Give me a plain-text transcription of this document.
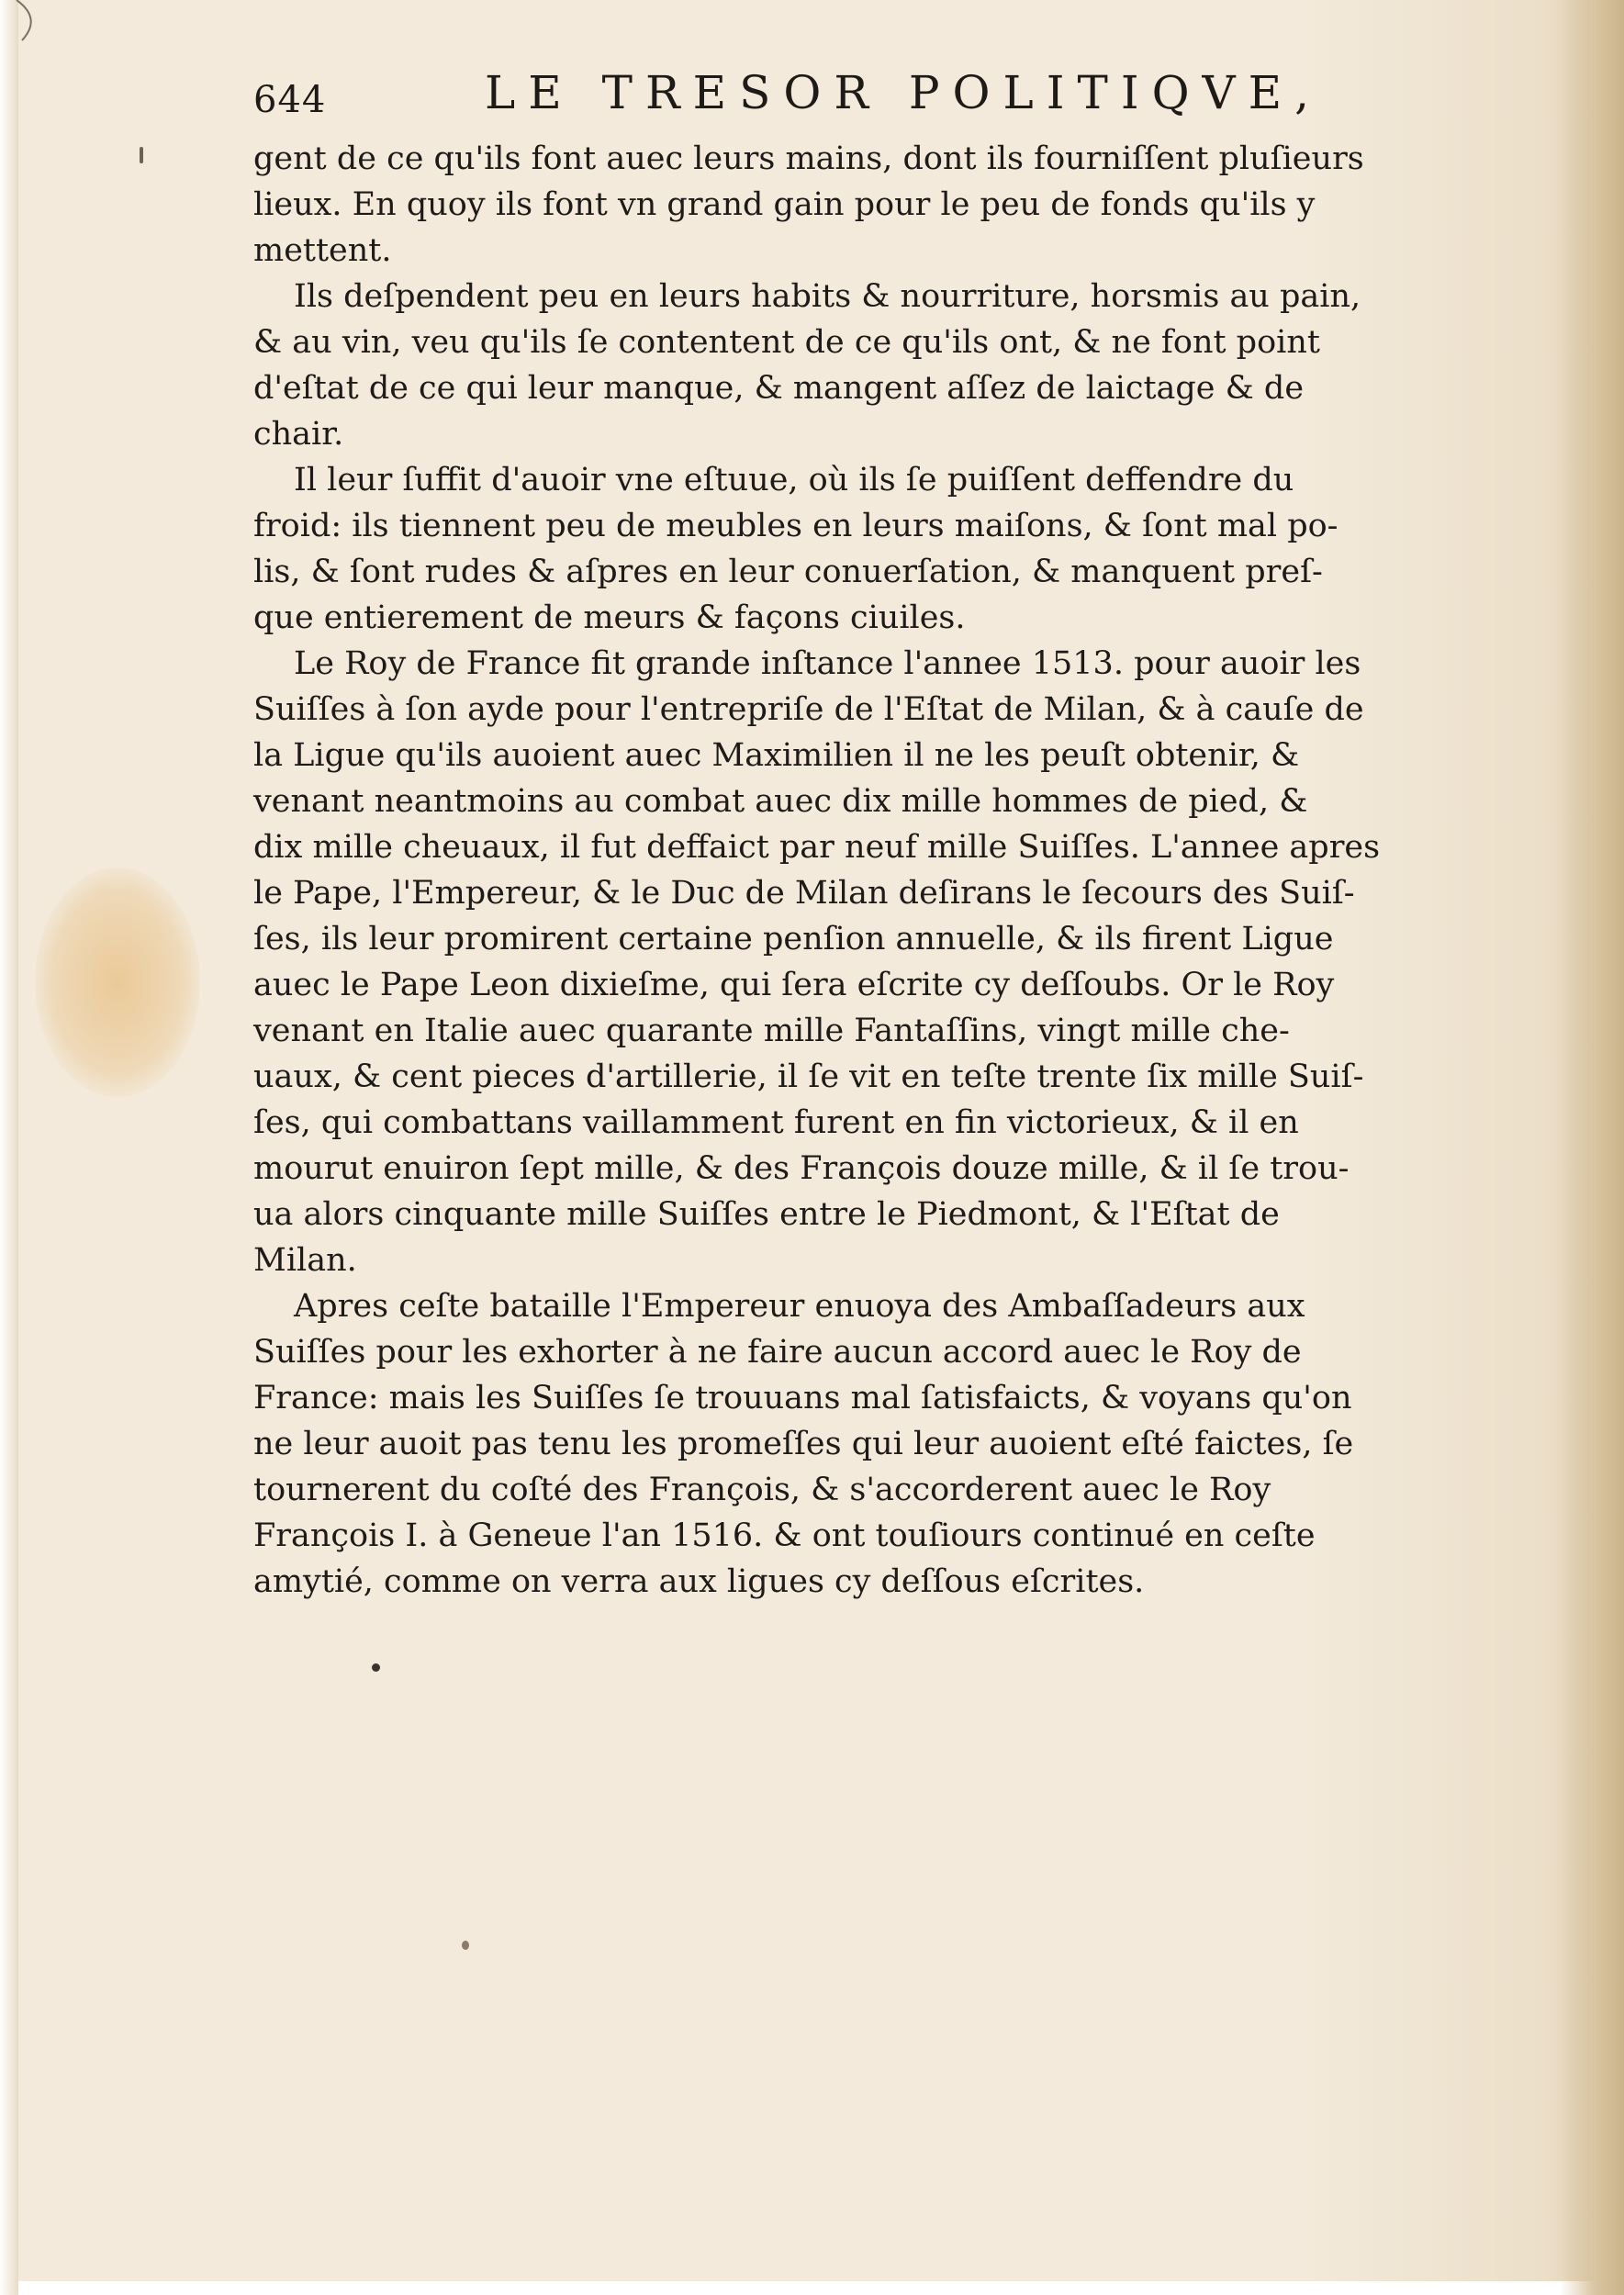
644	LE TRESOR POLITIQVE,
gent de ce qu'ils font auec leurs mains, dont ils fourniſſent pluſieurs
lieux. En quoy ils font vn grand gain pour le peu de fonds qu'ils y
mettent.
Ils deſpendent peu en leurs habits & nourriture, horsmis au pain,
& au vin, veu qu'ils ſe contentent de ce qu'ils ont, & ne font point
d'eſtat de ce qui leur manque, & mangent aſſez de laictage & de
chair.
Il leur ſuffit d'auoir vne eſtuue, où ils ſe puiſſent deffendre du
froid: ils tiennent peu de meubles en leurs maiſons, & ſont mal po-
lis, & ſont rudes & aſpres en leur conuerſation, & manquent preſ-
que entierement de meurs & façons ciuiles.
Le Roy de France fit grande inſtance l'annee 1513. pour auoir les
Suiſſes à ſon ayde pour l'entrepriſe de l'Eſtat de Milan, & à cauſe de
la Ligue qu'ils auoient auec Maximilien il ne les peuſt obtenir, &
venant neantmoins au combat auec dix mille hommes de pied, &
dix mille cheuaux, il fut deffaict par neuf mille Suiſſes. L'annee apres
le Pape, l'Empereur, & le Duc de Milan deſirans le ſecours des Suiſ-
ſes, ils leur promirent certaine penſion annuelle, & ils firent Ligue
auec le Pape Leon dixieſme, qui ſera eſcrite cy deſſoubs. Or le Roy
venant en Italie auec quarante mille Fantaſſins, vingt mille che-
uaux, & cent pieces d'artillerie, il ſe vit en teſte trente ſix mille Suiſ-
ſes, qui combattans vaillamment furent en fin victorieux, & il en
mourut enuiron ſept mille, & des François douze mille, & il ſe trou-
ua alors cinquante mille Suiſſes entre le Piedmont, & l'Eſtat de
Milan.
Apres ceſte bataille l'Empereur enuoya des Ambaſſadeurs aux
Suiſſes pour les exhorter à ne faire aucun accord auec le Roy de
France: mais les Suiſſes ſe trouuans mal ſatisfaicts, & voyans qu'on
ne leur auoit pas tenu les promeſſes qui leur auoient eſté faictes, ſe
tournerent du coſté des François, & s'accorderent auec le Roy
François I. à Geneue l'an 1516. & ont touſiours continué en ceſte
amytié, comme on verra aux ligues cy deſſous eſcrites.
